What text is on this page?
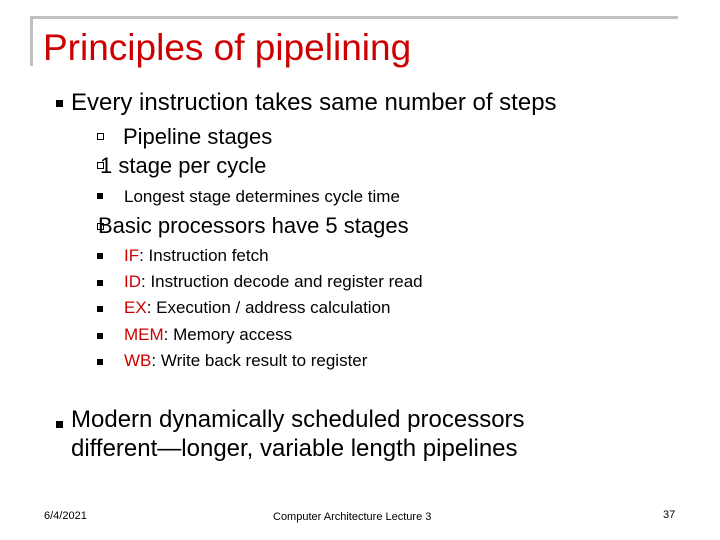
Principles of pipelining
Every instruction takes same number of steps
Pipeline stages
1 stage per cycle
Longest stage determines cycle time
Basic processors have 5 stages
IF: Instruction fetch
ID: Instruction decode and register read
EX: Execution / address calculation
MEM: Memory access
WB: Write back result to register
Modern dynamically scheduled processors
different—longer, variable length pipelines
6/4/2021	Computer Architecture Lecture 3	37
